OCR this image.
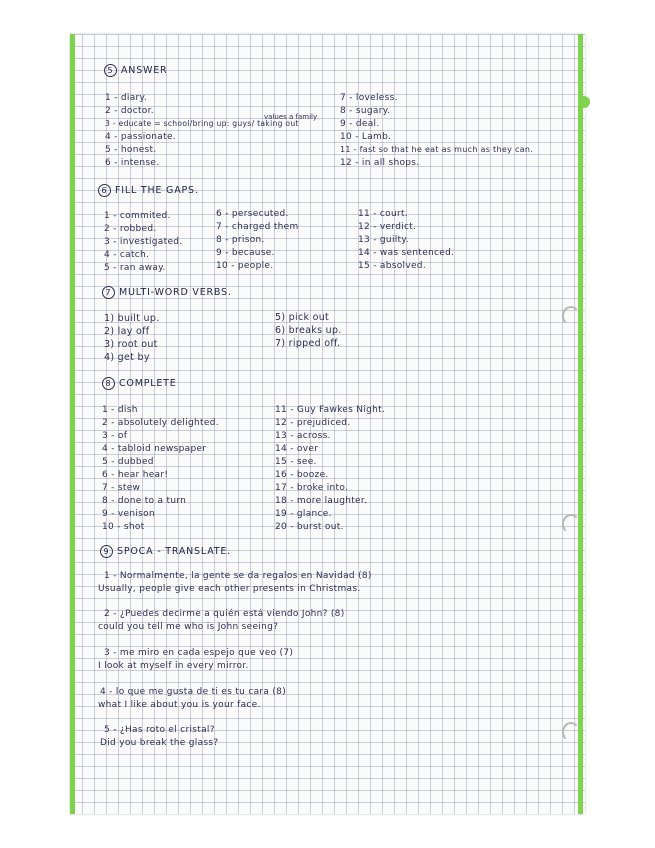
5 ANSWER
1 - diary.
2 - doctor.
values a family
3 - educate = school/bring up: guys/ taking out
4 - passionate.
5 - honest.
6 - intense.
7 - loveless.
8 - sugary.
9 - deal.
10 - Lamb.
11 - fast so that he eat as much as they can.
12 - in all shops.
6 FILL THE GAPS.
1 - commited.
2 - robbed.
3 - investigated.
4 - catch.
5 - ran away.
6 - persecuted.
7 - charged them
8 - prison.
9 - because.
10 - people.
11 - court.
12 - verdict.
13 - guilty.
14 - was sentenced.
15 - absolved.
7 MULTI-WORD VERBS.
1) built up.
2) lay off
3) root out
4) get by
5) pick out
6) breaks up.
7) ripped off.
8 COMPLETE
1 - dish
2 - absolutely delighted.
3 - of
4 - tabloid newspaper
5 - dubbed
6 - hear hear!
7 - stew
8 - done to a turn
9 - venison
10 - shot
11 - Guy Fawkes Night.
12 - prejudiced.
13 - across.
14 - over
15 - see.
16 - booze.
17 - broke into.
18 - more laughter.
19 - glance.
20 - burst out.
9 SPOCA - TRANSLATE.
1 - Normalmente, la gente se da regalos en Navidad (8)
Usually, people give each other presents in Christmas.
2 - ¿Puedes decirme a quién está viendo John? (8)
could you tell me who is John seeing?
3 - me miro en cada espejo que veo (7)
I look at myself in every mirror.
4 - lo que me gusta de ti es tu cara (8)
what I like about you is your face.
5 - ¿Has roto el cristal?
Did you break the glass?
